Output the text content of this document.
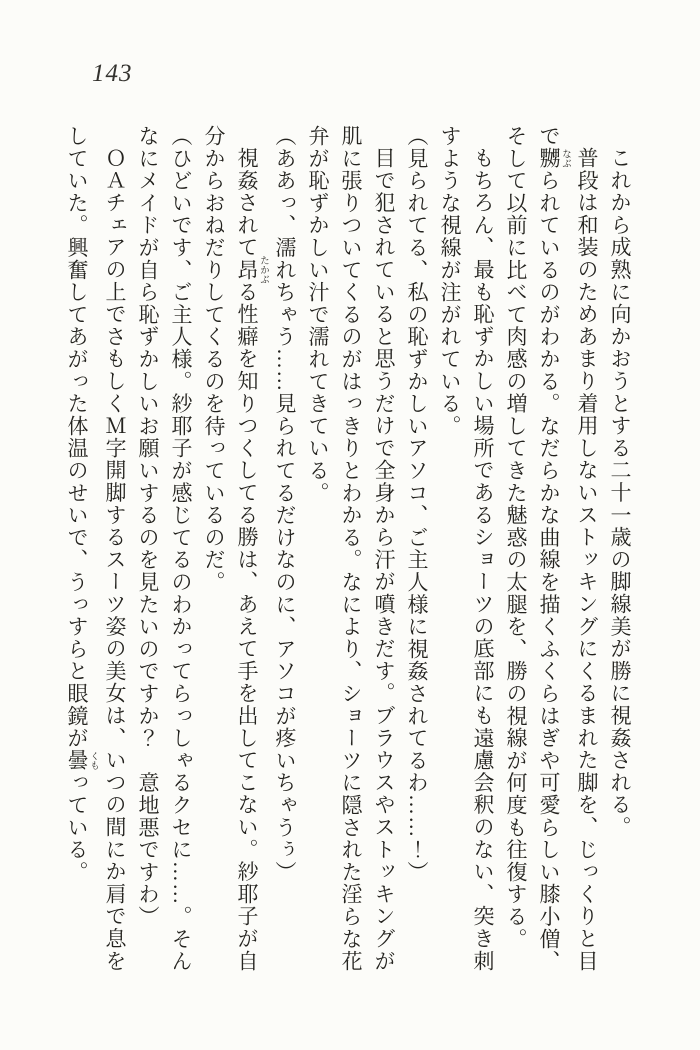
143

これから成熟に向かおうとする二十一歳の脚線美が勝に視姦される。

普段は和装のためあまり着用しないストッキングにくるまれた脚を、じっくりと目

で嬲 なぶられているのがわかる。なだらかな曲線を描くふくらはぎや可愛らしい膝小僧、

そして以前に比べて肉感の増してきた魅惑の太腿を、勝の視線が何度も往復する。

もちろん、最も恥ずかしい場所であるショーツの底部にも遠慮会釈のない、突き刺

すような視線が注がれている。

（見られてる、私の恥ずかしいアソコ、ご主人様に視姦されてるわ……！）

目で犯されていると思うだけで全身から汗が噴きだす。ブラウスやストッキングが

肌に張りついてくるのがはっきりとわかる。なにより、ショーツに隠された淫らな花

弁が恥ずかしい汁で濡れてきている。

（ああっ、濡れちゃう……見られてるだけなのに、アソコが疼いちゃうぅ）

視姦されて昂 たかぶる性癖を知りつくしてる勝は、あえて手を出してこない。紗耶子が自

分からおねだりしてくるのを待っているのだ。

（ひどいです、ご主人様。紗耶子が感じてるのわかってらっしゃるクセに……。そん

なにメイドが自ら恥ずかしいお願いするのを見たいのですか？　意地悪ですわ）

ＯＡチェアの上でさもしくＭ字開脚するスーツ姿の美女は、いつの間にか肩で息を

していた。興奮してあがった体温のせいで、うっすらと眼鏡が曇 くもっている。
